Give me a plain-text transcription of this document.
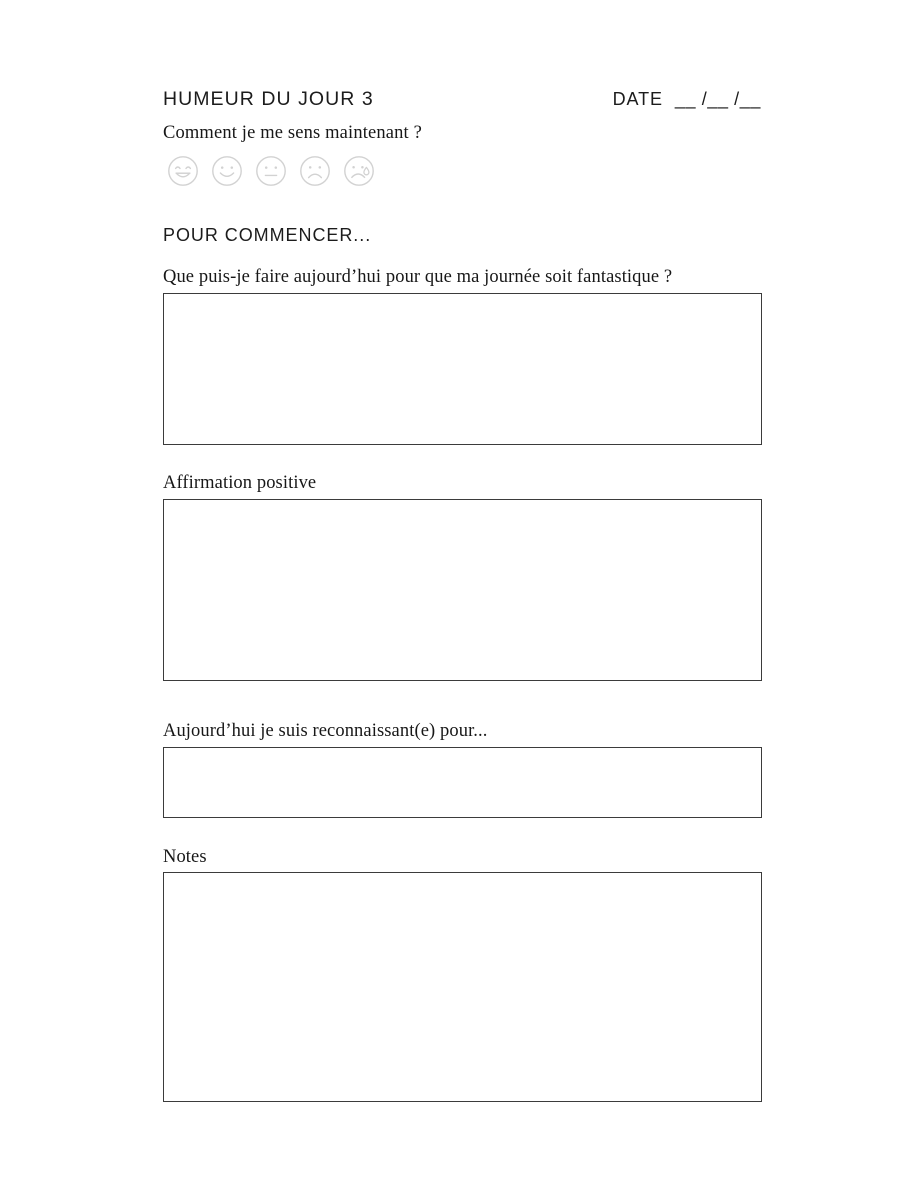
HUMEUR DU JOUR 3	DATE __ /__ /__
Comment je me sens maintenant ?
POUR COMMENCER...
Que puis-je faire aujourd’hui pour que ma journée soit fantastique ?
Affirmation positive
Aujourd’hui je suis reconnaissant(e) pour...
Notes
